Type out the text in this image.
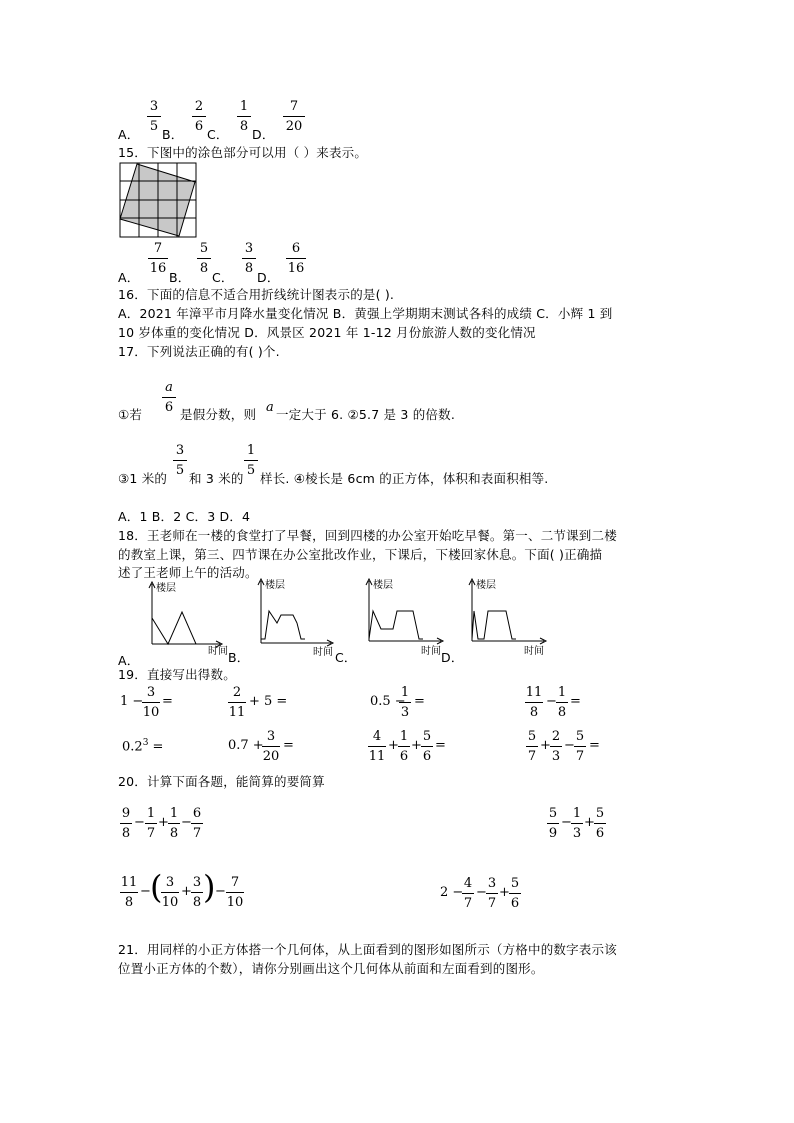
A．
3
5
B．
2
6
C．
1
8
D．
7
20
15．下图中的涂色部分可以用（ ）来表示。
A．
7
16
B．
5
8
C．
3
8
D．
6
16
16．下面的信息不适合用折线统计图表示的是( ).
A．2021 年漳平市月降水量变化情况 B．黄强上学期期末测试各科的成绩 C．小辉 1 到
10 岁体重的变化情况 D．风景区 2021 年 1-12 月份旅游人数的变化情况
17．下列说法正确的有( )个.
①若
a
6 是假分数，则 a 一定大于 6. ②5.7 是 3 的倍数.
③1 米的
3
5
和 3 米的
1
5
样长. ④棱长是 6cm 的正方体，体积和表面积相等.
A．1 B．2 C．3 D．4
18．王老师在一楼的食堂打了早餐，回到四楼的办公室开始吃早餐。第一、二节课到二楼
的教室上课，第三、四节课在办公室批改作业，下课后，下楼回家休息。下面( )正确描
述了王老师上午的活动。
A．
楼层
时间 B．
楼层
时间 C．
楼层
时间 D．
楼层
时间
19．直接写出得数。
1 −
3
10
=
2
11
+ 5 =	0.5 −
1
3
=
11
8
−
1
8
=
$0.2^3$ =	0.7 +
3
20
=
4
11
+
1
6
+
5
6
=
5
7
+
2
3
−
5
7
=
20．计算下面各题，能简算的要简算
9
8
−
1
7
+
1
8
−
6
7
5
9
−
1
3
+
5
6
11
8
− ( 3
10
+
3
8 ) −
7
10
2 −
4
7
−
3
7
+
5
6
21．用同样的小正方体搭一个几何体，从上面看到的图形如图所示（方格中的数字表示该
位置小正方体的个数），请你分别画出这个几何体从前面和左面看到的图形。
